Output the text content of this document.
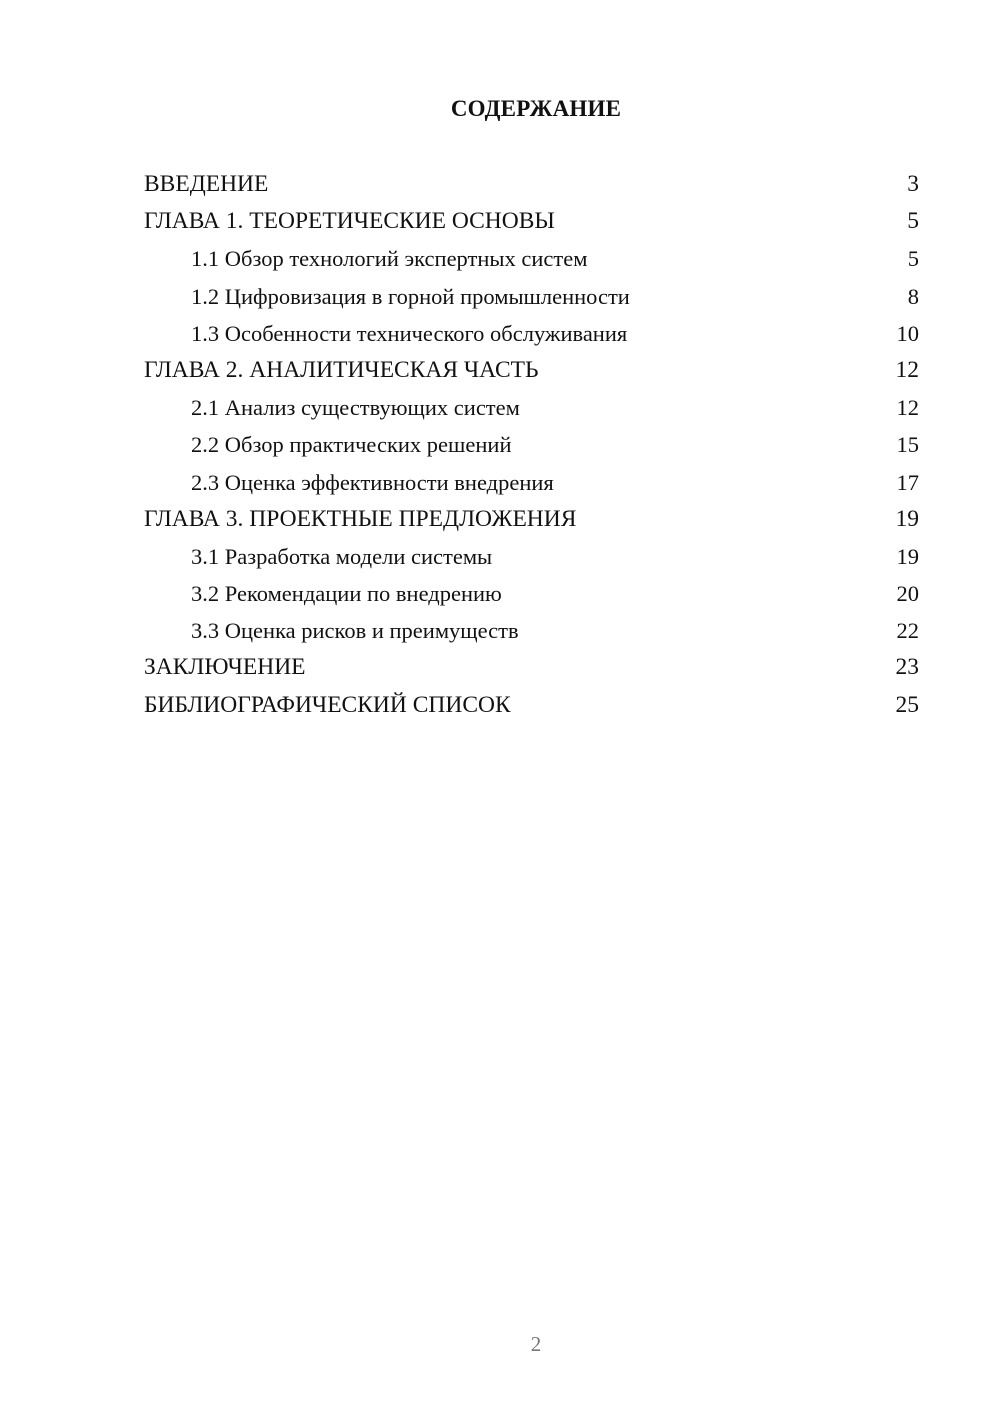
СОДЕРЖАНИЕ
ВВЕДЕНИЕ	3
ГЛАВА 1. ТЕОРЕТИЧЕСКИЕ ОСНОВЫ	5
1.1 Обзор технологий экспертных систем	5
1.2 Цифровизация в горной промышленности	8
1.3 Особенности технического обслуживания	10
ГЛАВА 2. АНАЛИТИЧЕСКАЯ ЧАСТЬ	12
2.1 Анализ существующих систем	12
2.2 Обзор практических решений	15
2.3 Оценка эффективности внедрения	17
ГЛАВА 3. ПРОЕКТНЫЕ ПРЕДЛОЖЕНИЯ	19
3.1 Разработка модели системы	19
3.2 Рекомендации по внедрению	20
3.3 Оценка рисков и преимуществ	22
ЗАКЛЮЧЕНИЕ	23
БИБЛИОГРАФИЧЕСКИЙ СПИСОК	25
2
